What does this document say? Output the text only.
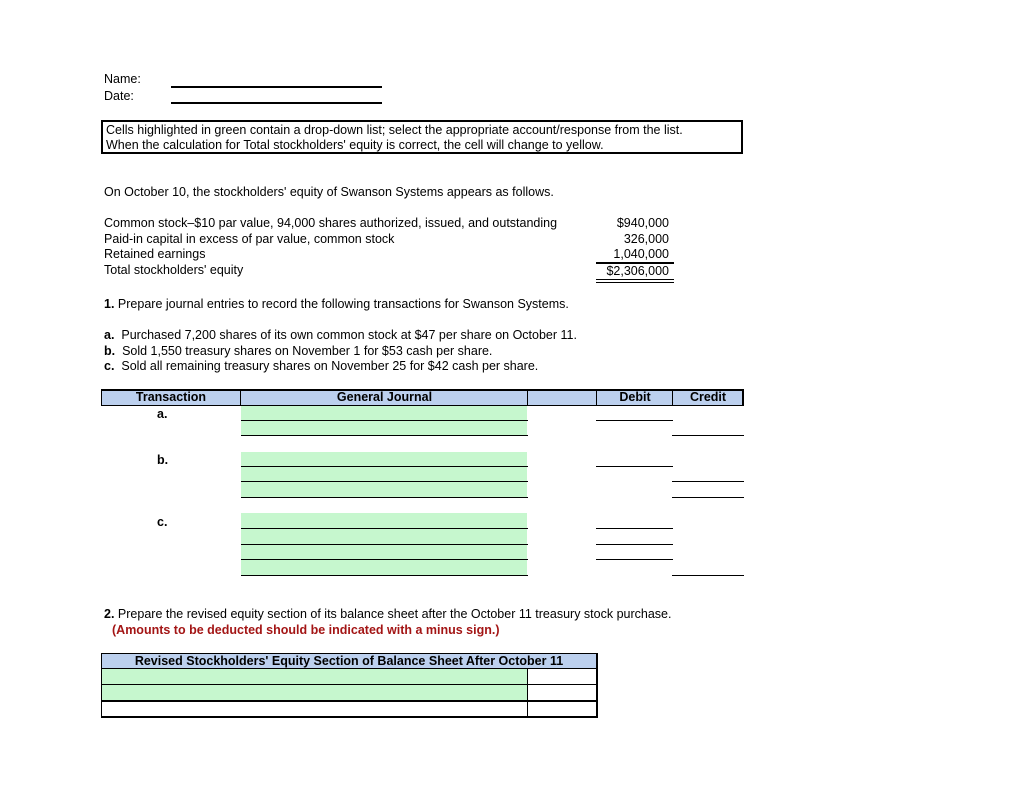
Name:
Date:
Cells highlighted in green contain a drop-down list; select the appropriate account/response from the list.
When the calculation for Total stockholders' equity is correct, the cell will change to yellow.
On October 10, the stockholders' equity of Swanson Systems appears as follows.
Common stock–$10 par value, 94,000 shares authorized, issued, and outstanding	$940,000
Paid-in capital in excess of par value, common stock	326,000
Retained earnings	1,040,000
Total stockholders' equity	$2,306,000
1. Prepare journal entries to record the following transactions for Swanson Systems.
a. Purchased 7,200 shares of its own common stock at $47 per share on October 11.
b. Sold 1,550 treasury shares on November 1 for $53 cash per share.
c. Sold all remaining treasury shares on November 25 for $42 cash per share.
Transaction	General Journal	Debit	Credit
a.
b.
c.
2. Prepare the revised equity section of its balance sheet after the October 11 treasury stock purchase.
(Amounts to be deducted should be indicated with a minus sign.)
Revised Stockholders' Equity Section of Balance Sheet After October 11
